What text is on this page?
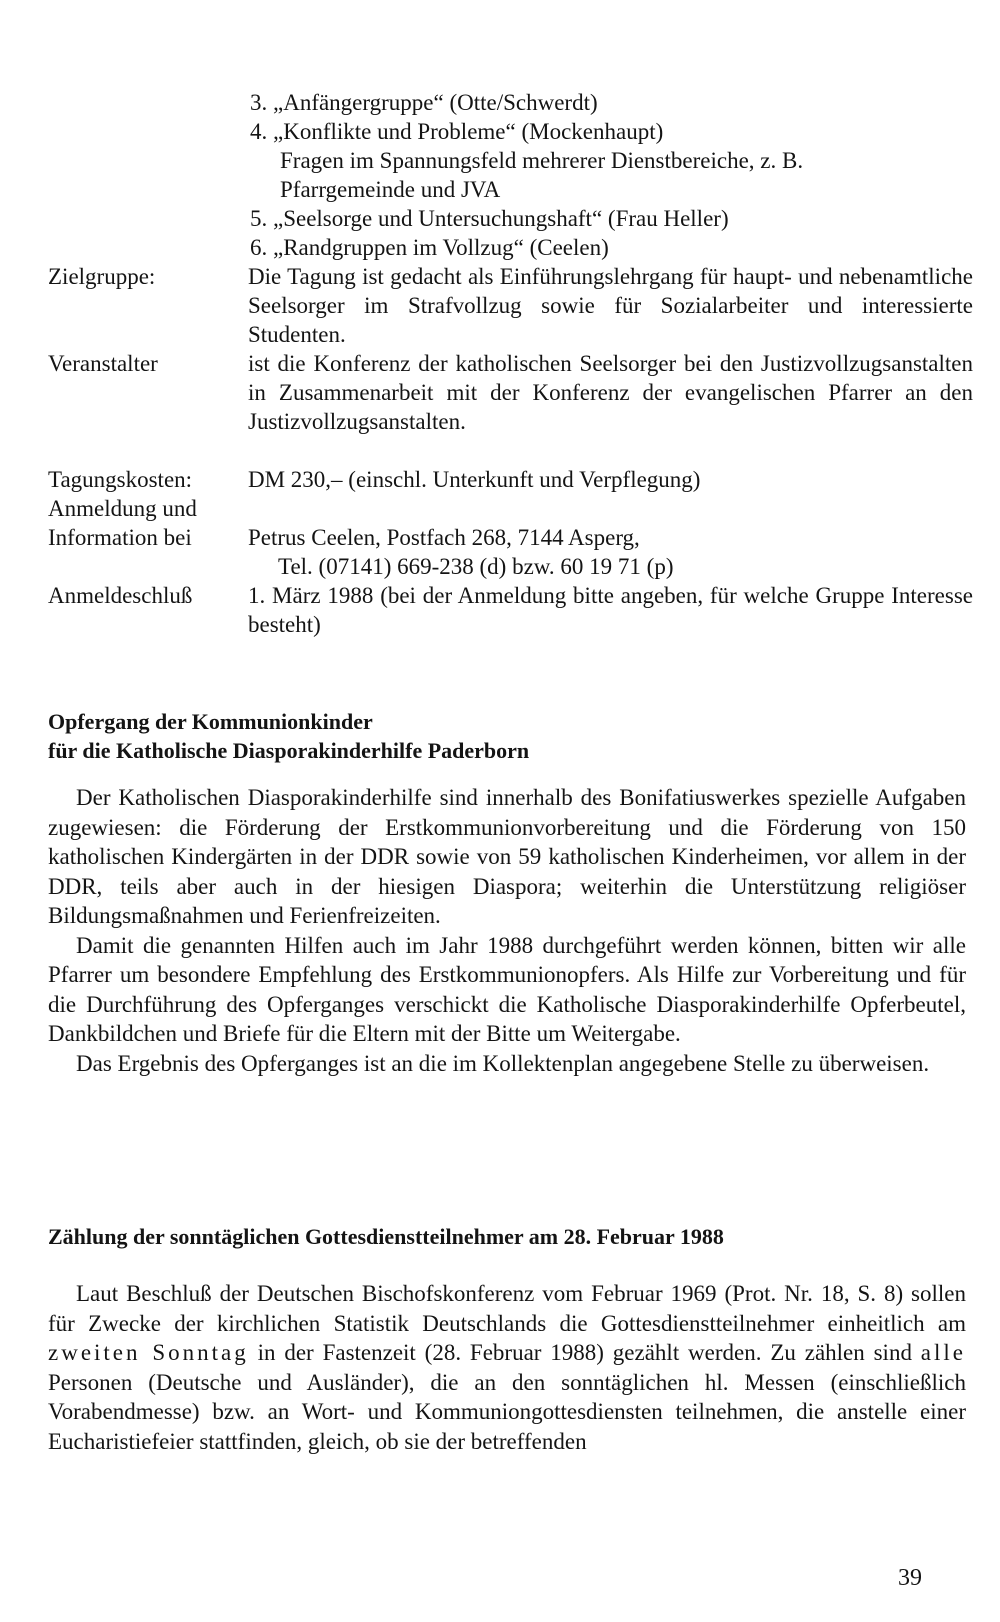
3. „Anfängergruppe“ (Otte/Schwerdt)
4. „Konflikte und Probleme“ (Mockenhaupt)
Fragen im Spannungsfeld mehrerer Dienstbereiche, z. B.
Pfarrgemeinde und JVA
5. „Seelsorge und Untersuchungshaft“ (Frau Heller)
6. „Randgruppen im Vollzug“ (Ceelen)
Zielgruppe:	Die Tagung ist gedacht als Einführungslehrgang für haupt- und nebenamtliche Seelsorger im Strafvollzug sowie für Sozialarbeiter und interessierte Studenten.
Veranstalter	ist die Konferenz der katholischen Seelsorger bei den Justizvollzugsanstalten in Zusammenarbeit mit der Konferenz der evangelischen Pfarrer an den Justizvollzugsanstalten.
Tagungskosten: DM 230,– (einschl. Unterkunft und Verpflegung)
Anmeldung und
Information bei Petrus Ceelen, Postfach 268, 7144 Asperg,
Tel. (07141) 669-238 (d) bzw. 60 19 71 (p)
Anmeldeschluß 1. März 1988 (bei der Anmeldung bitte angeben, für welche Gruppe Interesse besteht)
Opfergang der Kommunionkinder
für die Katholische Diasporakinderhilfe Paderborn
Der Katholischen Diasporakinderhilfe sind innerhalb des Bonifatiuswerkes spezielle Aufgaben zugewiesen: die Förderung der Erstkommunionvorbereitung und die Förderung von 150 katholischen Kindergärten in der DDR sowie von 59 katholischen Kinderheimen, vor allem in der DDR, teils aber auch in der hiesigen Diaspora; weiterhin die Unterstützung religiöser Bildungsmaßnahmen und Ferienfreizeiten.
Damit die genannten Hilfen auch im Jahr 1988 durchgeführt werden können, bitten wir alle Pfarrer um besondere Empfehlung des Erstkommunionopfers. Als Hilfe zur Vorbereitung und für die Durchführung des Opferganges verschickt die Katholische Diasporakinderhilfe Opferbeutel, Dankbildchen und Briefe für die Eltern mit der Bitte um Weitergabe.
Das Ergebnis des Opferganges ist an die im Kollektenplan angegebene Stelle zu überweisen.
Zählung der sonntäglichen Gottesdienstteilnehmer am 28. Februar 1988
Laut Beschluß der Deutschen Bischofskonferenz vom Februar 1969 (Prot. Nr. 18, S. 8) sollen für Zwecke der kirchlichen Statistik Deutschlands die Gottesdienstteilnehmer einheitlich am zweiten Sonntag in der Fastenzeit (28. Februar 1988) gezählt werden. Zu zählen sind alle Personen (Deutsche und Ausländer), die an den sonntäglichen hl. Messen (einschließlich Vorabendmesse) bzw. an Wort- und Kommuniongottesdiensten teilnehmen, die anstelle einer Eucharistiefeier stattfinden, gleich, ob sie der betreffenden
39
